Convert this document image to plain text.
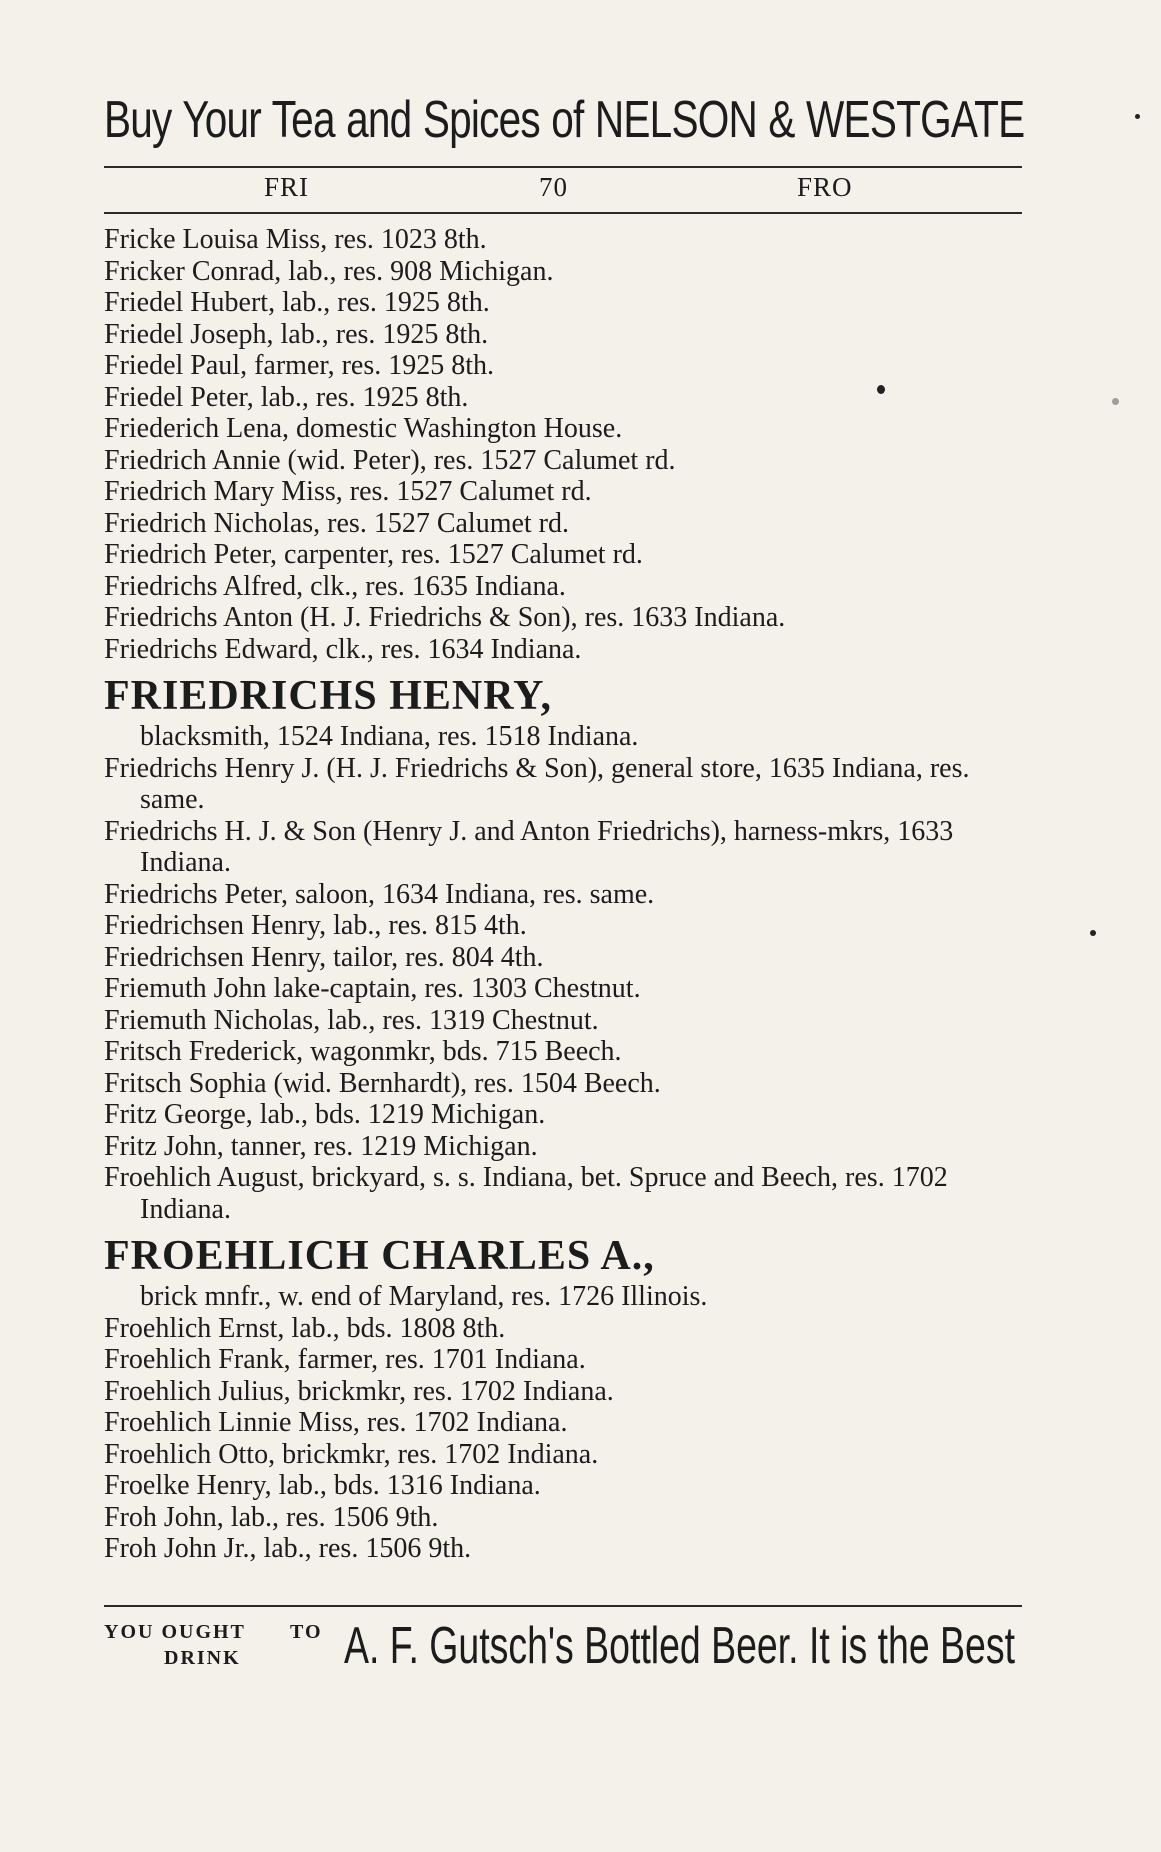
Buy Your Tea and Spices of NELSON & WESTGATE
FRI	70	FRO

Fricke Louisa Miss, res. 1023 8th.

Fricker Conrad, lab., res. 908 Michigan.

Friedel Hubert, lab., res. 1925 8th.

Friedel Joseph, lab., res. 1925 8th.

Friedel Paul, farmer, res. 1925 8th.

Friedel Peter, lab., res. 1925 8th.

Friederich Lena, domestic Washington House.

Friedrich Annie (wid. Peter), res. 1527 Calumet rd.

Friedrich Mary Miss, res. 1527 Calumet rd.

Friedrich Nicholas, res. 1527 Calumet rd.

Friedrich Peter, carpenter, res. 1527 Calumet rd.

Friedrichs Alfred, clk., res. 1635 Indiana.

Friedrichs Anton (H. J. Friedrichs & Son), res. 1633 Indiana.

Friedrichs Edward, clk., res. 1634 Indiana.

FRIEDRICHS HENRY,

blacksmith, 1524 Indiana, res. 1518 Indiana.

Friedrichs Henry J. (H. J. Friedrichs & Son), general store, 1635 Indiana, res. same.

Friedrichs H. J. & Son (Henry J. and Anton Friedrichs), harness-mkrs, 1633 Indiana.

Friedrichs Peter, saloon, 1634 Indiana, res. same.

Friedrichsen Henry, lab., res. 815 4th.

Friedrichsen Henry, tailor, res. 804 4th.

Friemuth John lake-captain, res. 1303 Chestnut.

Friemuth Nicholas, lab., res. 1319 Chestnut.

Fritsch Frederick, wagonmkr, bds. 715 Beech.

Fritsch Sophia (wid. Bernhardt), res. 1504 Beech.

Fritz George, lab., bds. 1219 Michigan.

Fritz John, tanner, res. 1219 Michigan.

Froehlich August, brickyard, s. s. Indiana, bet. Spruce and Beech, res. 1702 Indiana.

FROEHLICH CHARLES A.,

brick mnfr., w. end of Maryland, res. 1726 Illinois.

Froehlich Ernst, lab., bds. 1808 8th.

Froehlich Frank, farmer, res. 1701 Indiana.

Froehlich Julius, brickmkr, res. 1702 Indiana.

Froehlich Linnie Miss, res. 1702 Indiana.

Froehlich Otto, brickmkr, res. 1702 Indiana.

Froelke Henry, lab., bds. 1316 Indiana.

Froh John, lab., res. 1506 9th.

Froh John Jr., lab., res. 1506 9th.

YOU OUGHT TO
DRINK A. F. Gutsch's Bottled Beer. It is the Best
